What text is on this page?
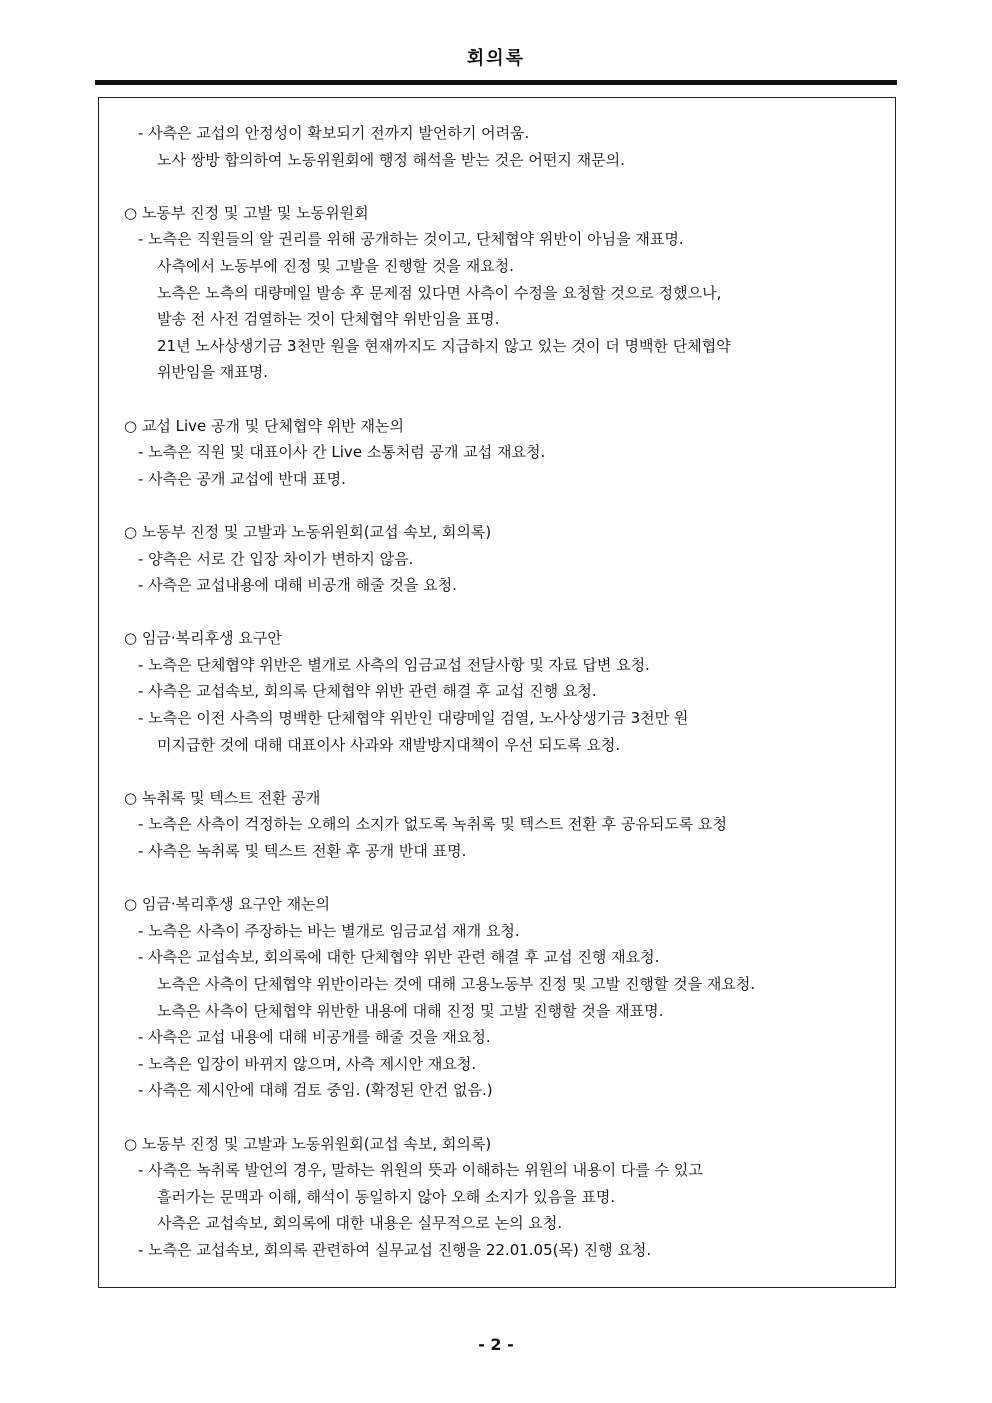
회의록
- 사측은 교섭의 안정성이 확보되기 전까지 발언하기 어려움.
노사 쌍방 합의하여 노동위원회에 행정 해석을 받는 것은 어떤지 재문의.
○ 노동부 진정 및 고발 및 노동위원회
- 노측은 직원들의 알 권리를 위해 공개하는 것이고, 단체협약 위반이 아님을 재표명.
사측에서 노동부에 진정 및 고발을 진행할 것을 재요청.
노측은 노측의 대량메일 발송 후 문제점 있다면 사측이 수정을 요청할 것으로 정했으나,
발송 전 사전 검열하는 것이 단체협약 위반임을 표명.
21년 노사상생기금 3천만 원을 현재까지도 지급하지 않고 있는 것이 더 명백한 단체협약
위반임을 재표명.
○ 교섭 Live 공개 및 단체협약 위반 재논의
- 노측은 직원 및 대표이사 간 Live 소통처럼 공개 교섭 재요청.
- 사측은 공개 교섭에 반대 표명.
○ 노동부 진정 및 고발과 노동위원회(교섭 속보, 회의록)
- 양측은 서로 간 입장 차이가 변하지 않음.
- 사측은 교섭내용에 대해 비공개 해줄 것을 요청.
○ 임금·복리후생 요구안
- 노측은 단체협약 위반은 별개로 사측의 임금교섭 전달사항 및 자료 답변 요청.
- 사측은 교섭속보, 회의록 단체협약 위반 관련 해결 후 교섭 진행 요청.
- 노측은 이전 사측의 명백한 단체협약 위반인 대량메일 검열, 노사상생기금 3천만 원
미지급한 것에 대해 대표이사 사과와 재발방지대책이 우선 되도록 요청.
○ 녹취록 및 텍스트 전환 공개
- 노측은 사측이 걱정하는 오해의 소지가 없도록 녹취록 및 텍스트 전환 후 공유되도록 요청
- 사측은 녹취록 및 텍스트 전환 후 공개 반대 표명.
○ 임금·복리후생 요구안 재논의
- 노측은 사측이 주장하는 바는 별개로 임금교섭 재개 요청.
- 사측은 교섭속보, 회의록에 대한 단체협약 위반 관련 해결 후 교섭 진행 재요청.
노측은 사측이 단체협약 위반이라는 것에 대해 고용노동부 진정 및 고발 진행할 것을 재요청.
노측은 사측이 단체협약 위반한 내용에 대해 진정 및 고발 진행할 것을 재표명.
- 사측은 교섭 내용에 대해 비공개를 해줄 것을 재요청.
- 노측은 입장이 바뀌지 않으며, 사측 제시안 재요청.
- 사측은 제시안에 대해 검토 중임. (확정된 안건 없음.)
○ 노동부 진정 및 고발과 노동위원회(교섭 속보, 회의록)
- 사측은 녹취록 발언의 경우, 말하는 위원의 뜻과 이해하는 위원의 내용이 다를 수 있고
흘러가는 문맥과 이해, 해석이 동일하지 않아 오해 소지가 있음을 표명.
사측은 교섭속보, 회의록에 대한 내용은 실무적으로 논의 요청.
- 노측은 교섭속보, 회의록 관련하여 실무교섭 진행을 22.01.05(목) 진행 요청.
- 2 -
